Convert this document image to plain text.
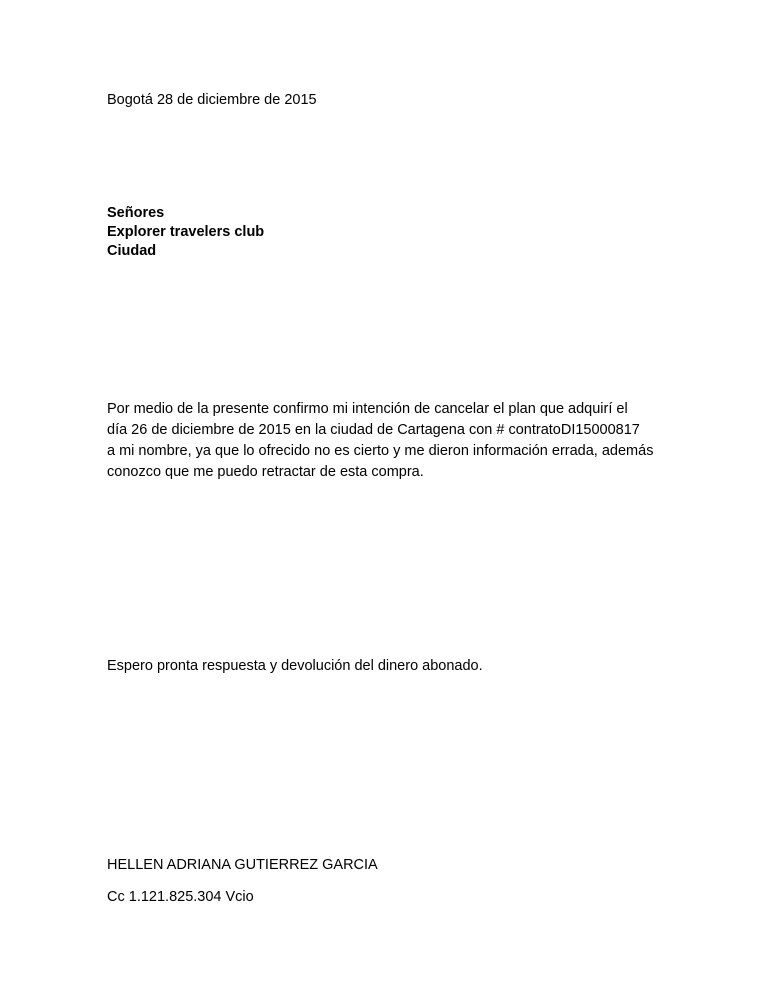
Bogotá 28 de diciembre de 2015

Señores

Explorer travelers club

Ciudad

Por medio de la presente confirmo mi intención de cancelar el plan que adquirí el
día 26 de diciembre de 2015 en la ciudad de Cartagena con # contratoDI15000817
a mi nombre, ya que lo ofrecido no es cierto y me dieron información errada, además
conozco que me puedo retractar de esta compra.

Espero pronta respuesta y devolución del dinero abonado.

HELLEN ADRIANA GUTIERREZ GARCIA

Cc 1.121.825.304 Vcio
